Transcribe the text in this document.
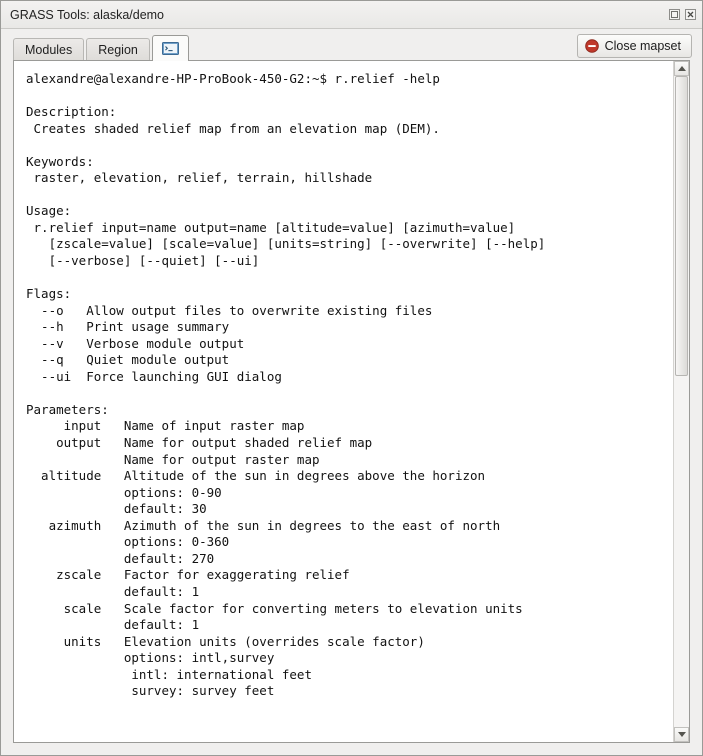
GRASS Tools: alaska/demo
Modules Region	Close mapset
alexandre@alexandre-HP-ProBook-450-G2:~$ r.relief -help

Description:
Creates shaded relief map from an elevation map (DEM).

Keywords:
raster, elevation, relief, terrain, hillshade

Usage:
r.relief input=name output=name [altitude=value] [azimuth=value]
[zscale=value] [scale=value] [units=string] [--overwrite] [--help]
[--verbose] [--quiet] [--ui]

Flags:
--o   Allow output files to overwrite existing files
--h   Print usage summary
--v   Verbose module output
--q   Quiet module output
--ui  Force launching GUI dialog

Parameters:
input   Name of input raster map
output   Name for output shaded relief map
Name for output raster map
altitude   Altitude of the sun in degrees above the horizon
options: 0-90
default: 30
azimuth   Azimuth of the sun in degrees to the east of north
options: 0-360
default: 270
zscale   Factor for exaggerating relief
default: 1
scale   Scale factor for converting meters to elevation units
default: 1
units   Elevation units (overrides scale factor)
options: intl,survey
intl: international feet
survey: survey feet
